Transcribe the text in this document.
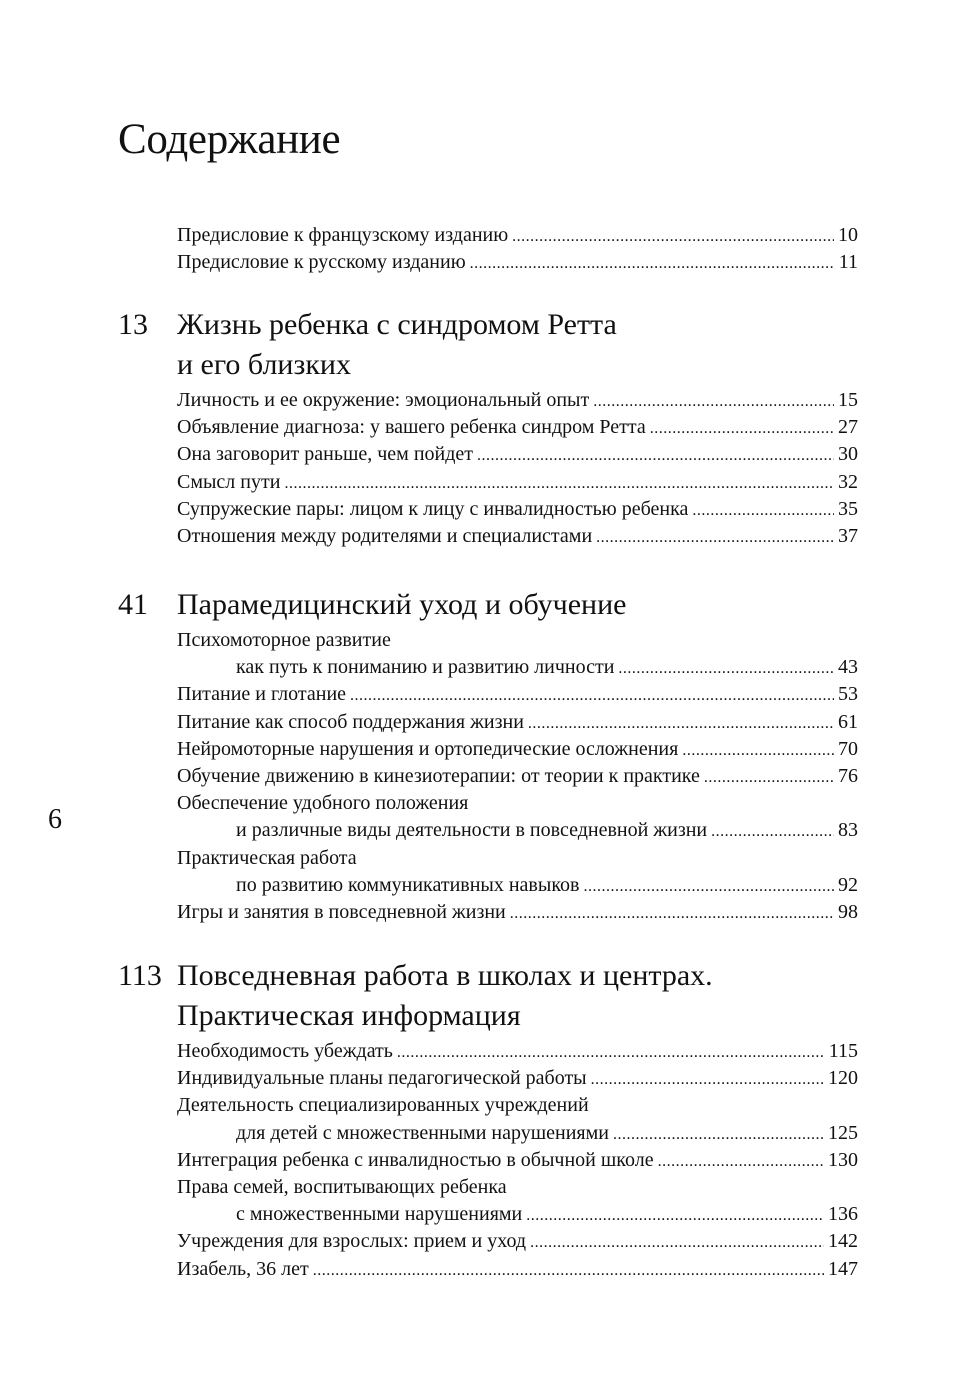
Содержание
Предисловие к французскому изданию .....	10
Предисловие к русскому изданию .....	11
13 Жизнь ребенка с синдромом Ретта
и его близких
Личность и ее окружение: эмоциональный опыт .....	15
Объявление диагноза: у вашего ребенка синдром Ретта .....	27
Она заговорит раньше, чем пойдет .....	30
Смысл пути .....	32
Супружеские пары: лицом к лицу с инвалидностью ребенка .....	35
Отношения между родителями и специалистами .....	37
41 Парамедицинский уход и обучение
Психомоторное развитие
как путь к пониманию и развитию личности .....	43
Питание и глотание .....	53
Питание как способ поддержания жизни .....	61
Нейромоторные нарушения и ортопедические осложнения .....	70
Обучение движению в кинезиотерапии: от теории к практике .....	76
Обеспечение удобного положения
и различные виды деятельности в повседневной жизни .....	83
Практическая работа
по развитию коммуникативных навыков .....	92
Игры и занятия в повседневной жизни .....	98
113 Повседневная работа в школах и центрах.
Практическая информация
Необходимость убеждать .....	115
Индивидуальные планы педагогической работы .....	120
Деятельность специализированных учреждений
для детей с множественными нарушениями .....	125
Интеграция ребенка с инвалидностью в обычной школе .....	130
Права семей, воспитывающих ребенка
с множественными нарушениями .....	136
Учреждения для взрослых: прием и уход .....	142
Изабель, 36 лет .....	147
6
